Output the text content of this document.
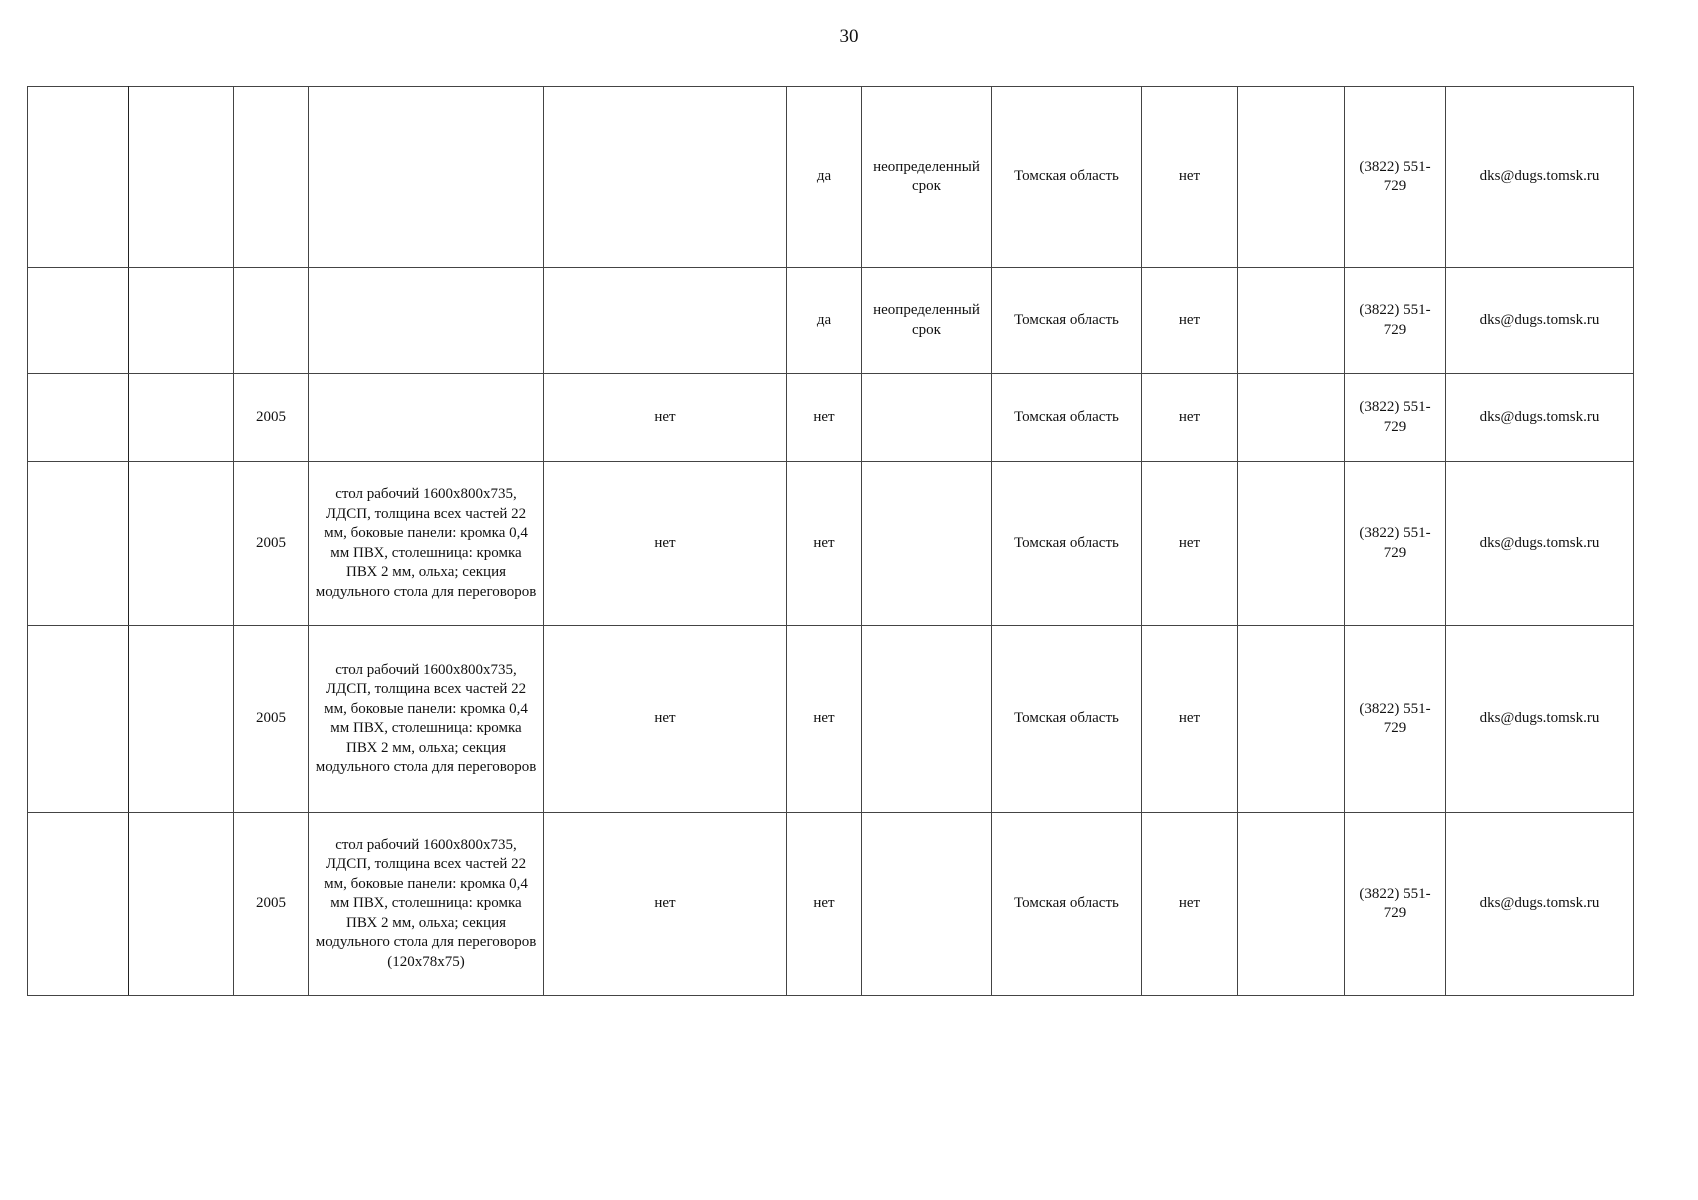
30
					да	неопределенный срок	Томская область	нет		(3822) 551-729	dks@dugs.tomsk.ru
					да	неопределенный срок	Томская область	нет		(3822) 551-729	dks@dugs.tomsk.ru
		2005		нет	нет		Томская область	нет		(3822) 551-729	dks@dugs.tomsk.ru
		2005	стол рабочий 1600x800x735, ЛДСП, толщина всех частей 22 мм, боковые панели: кромка 0,4 мм ПВХ, столешница: кромка ПВХ 2 мм, ольха; секция модульного стола для переговоров	нет	нет		Томская область	нет		(3822) 551-729	dks@dugs.tomsk.ru
		2005	стол рабочий 1600x800x735, ЛДСП, толщина всех частей 22 мм, боковые панели: кромка 0,4 мм ПВХ, столешница: кромка ПВХ 2 мм, ольха; секция модульного стола для переговоров	нет	нет		Томская область	нет		(3822) 551-729	dks@dugs.tomsk.ru
		2005	стол рабочий 1600x800x735, ЛДСП, толщина всех частей 22 мм, боковые панели: кромка 0,4 мм ПВХ, столешница: кромка ПВХ 2 мм, ольха; секция модульного стола для переговоров (120x78x75)	нет	нет		Томская область	нет		(3822) 551-729	dks@dugs.tomsk.ru
